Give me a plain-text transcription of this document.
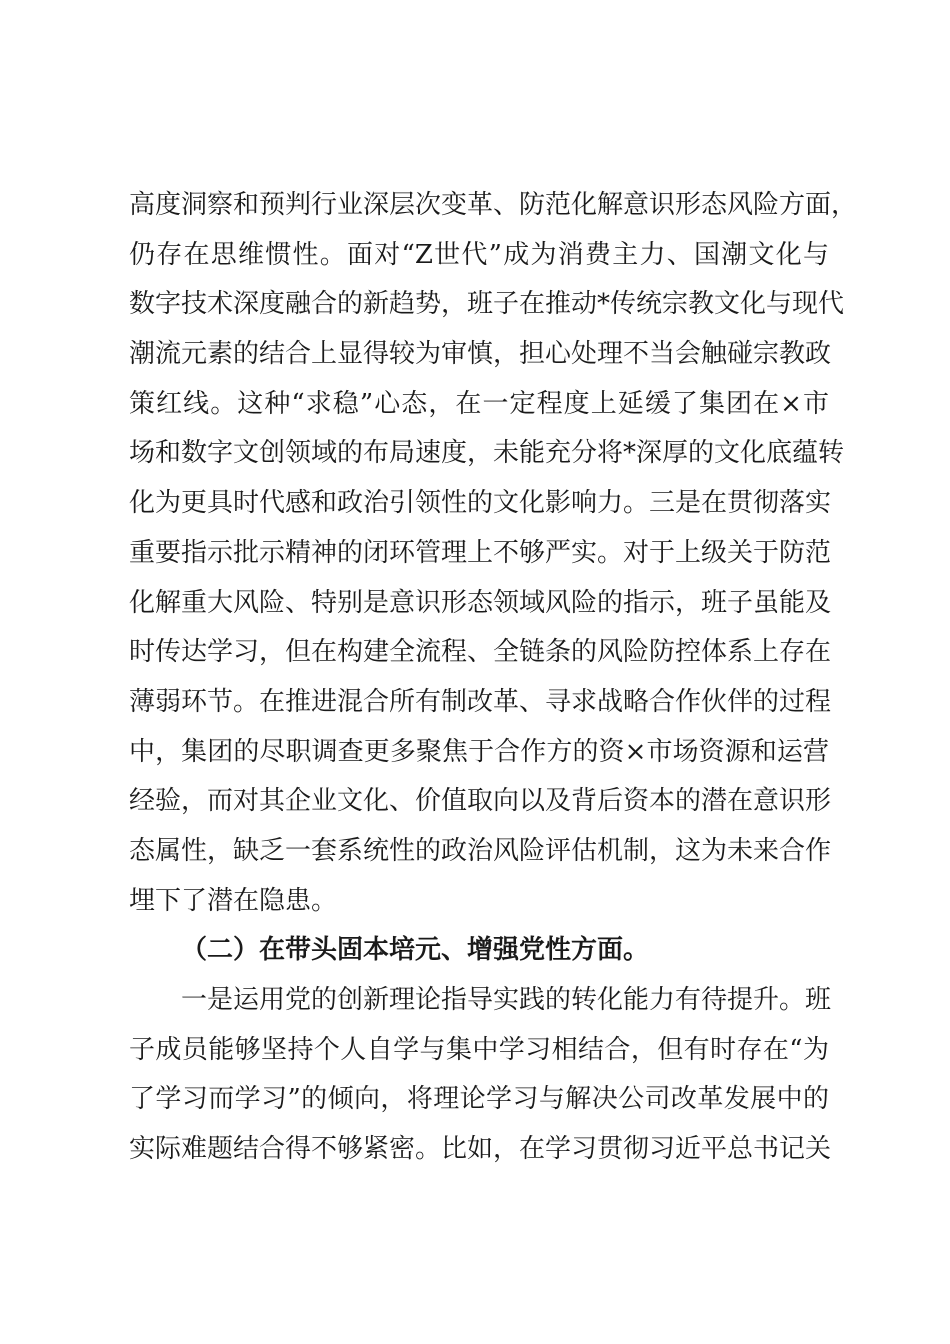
高度洞察和预判行业深层次变革、防范化解意识形态风险方面，
仍存在思维惯性。面对“Z世代”成为消费主力、国潮文化与
数字技术深度融合的新趋势，班子在推动*传统宗教文化与现代
潮流元素的结合上显得较为审慎，担心处理不当会触碰宗教政
策红线。这种“求稳”心态，在一定程度上延缓了集团在×市
场和数字文创领域的布局速度，未能充分将*深厚的文化底蕴转
化为更具时代感和政治引领性的文化影响力。三是在贯彻落实
重要指示批示精神的闭环管理上不够严实。对于上级关于防范
化解重大风险、特别是意识形态领域风险的指示，班子虽能及
时传达学习，但在构建全流程、全链条的风险防控体系上存在
薄弱环节。在推进混合所有制改革、寻求战略合作伙伴的过程
中，集团的尽职调查更多聚焦于合作方的资×市场资源和运营
经验，而对其企业文化、价值取向以及背后资本的潜在意识形
态属性，缺乏一套系统性的政治风险评估机制，这为未来合作
埋下了潜在隐患。
（二）在带头固本培元、增强党性方面。
一是运用党的创新理论指导实践的转化能力有待提升。班
子成员能够坚持个人自学与集中学习相结合，但有时存在“为
了学习而学习”的倾向，将理论学习与解决公司改革发展中的
实际难题结合得不够紧密。比如，在学习贯彻习近平总书记关
